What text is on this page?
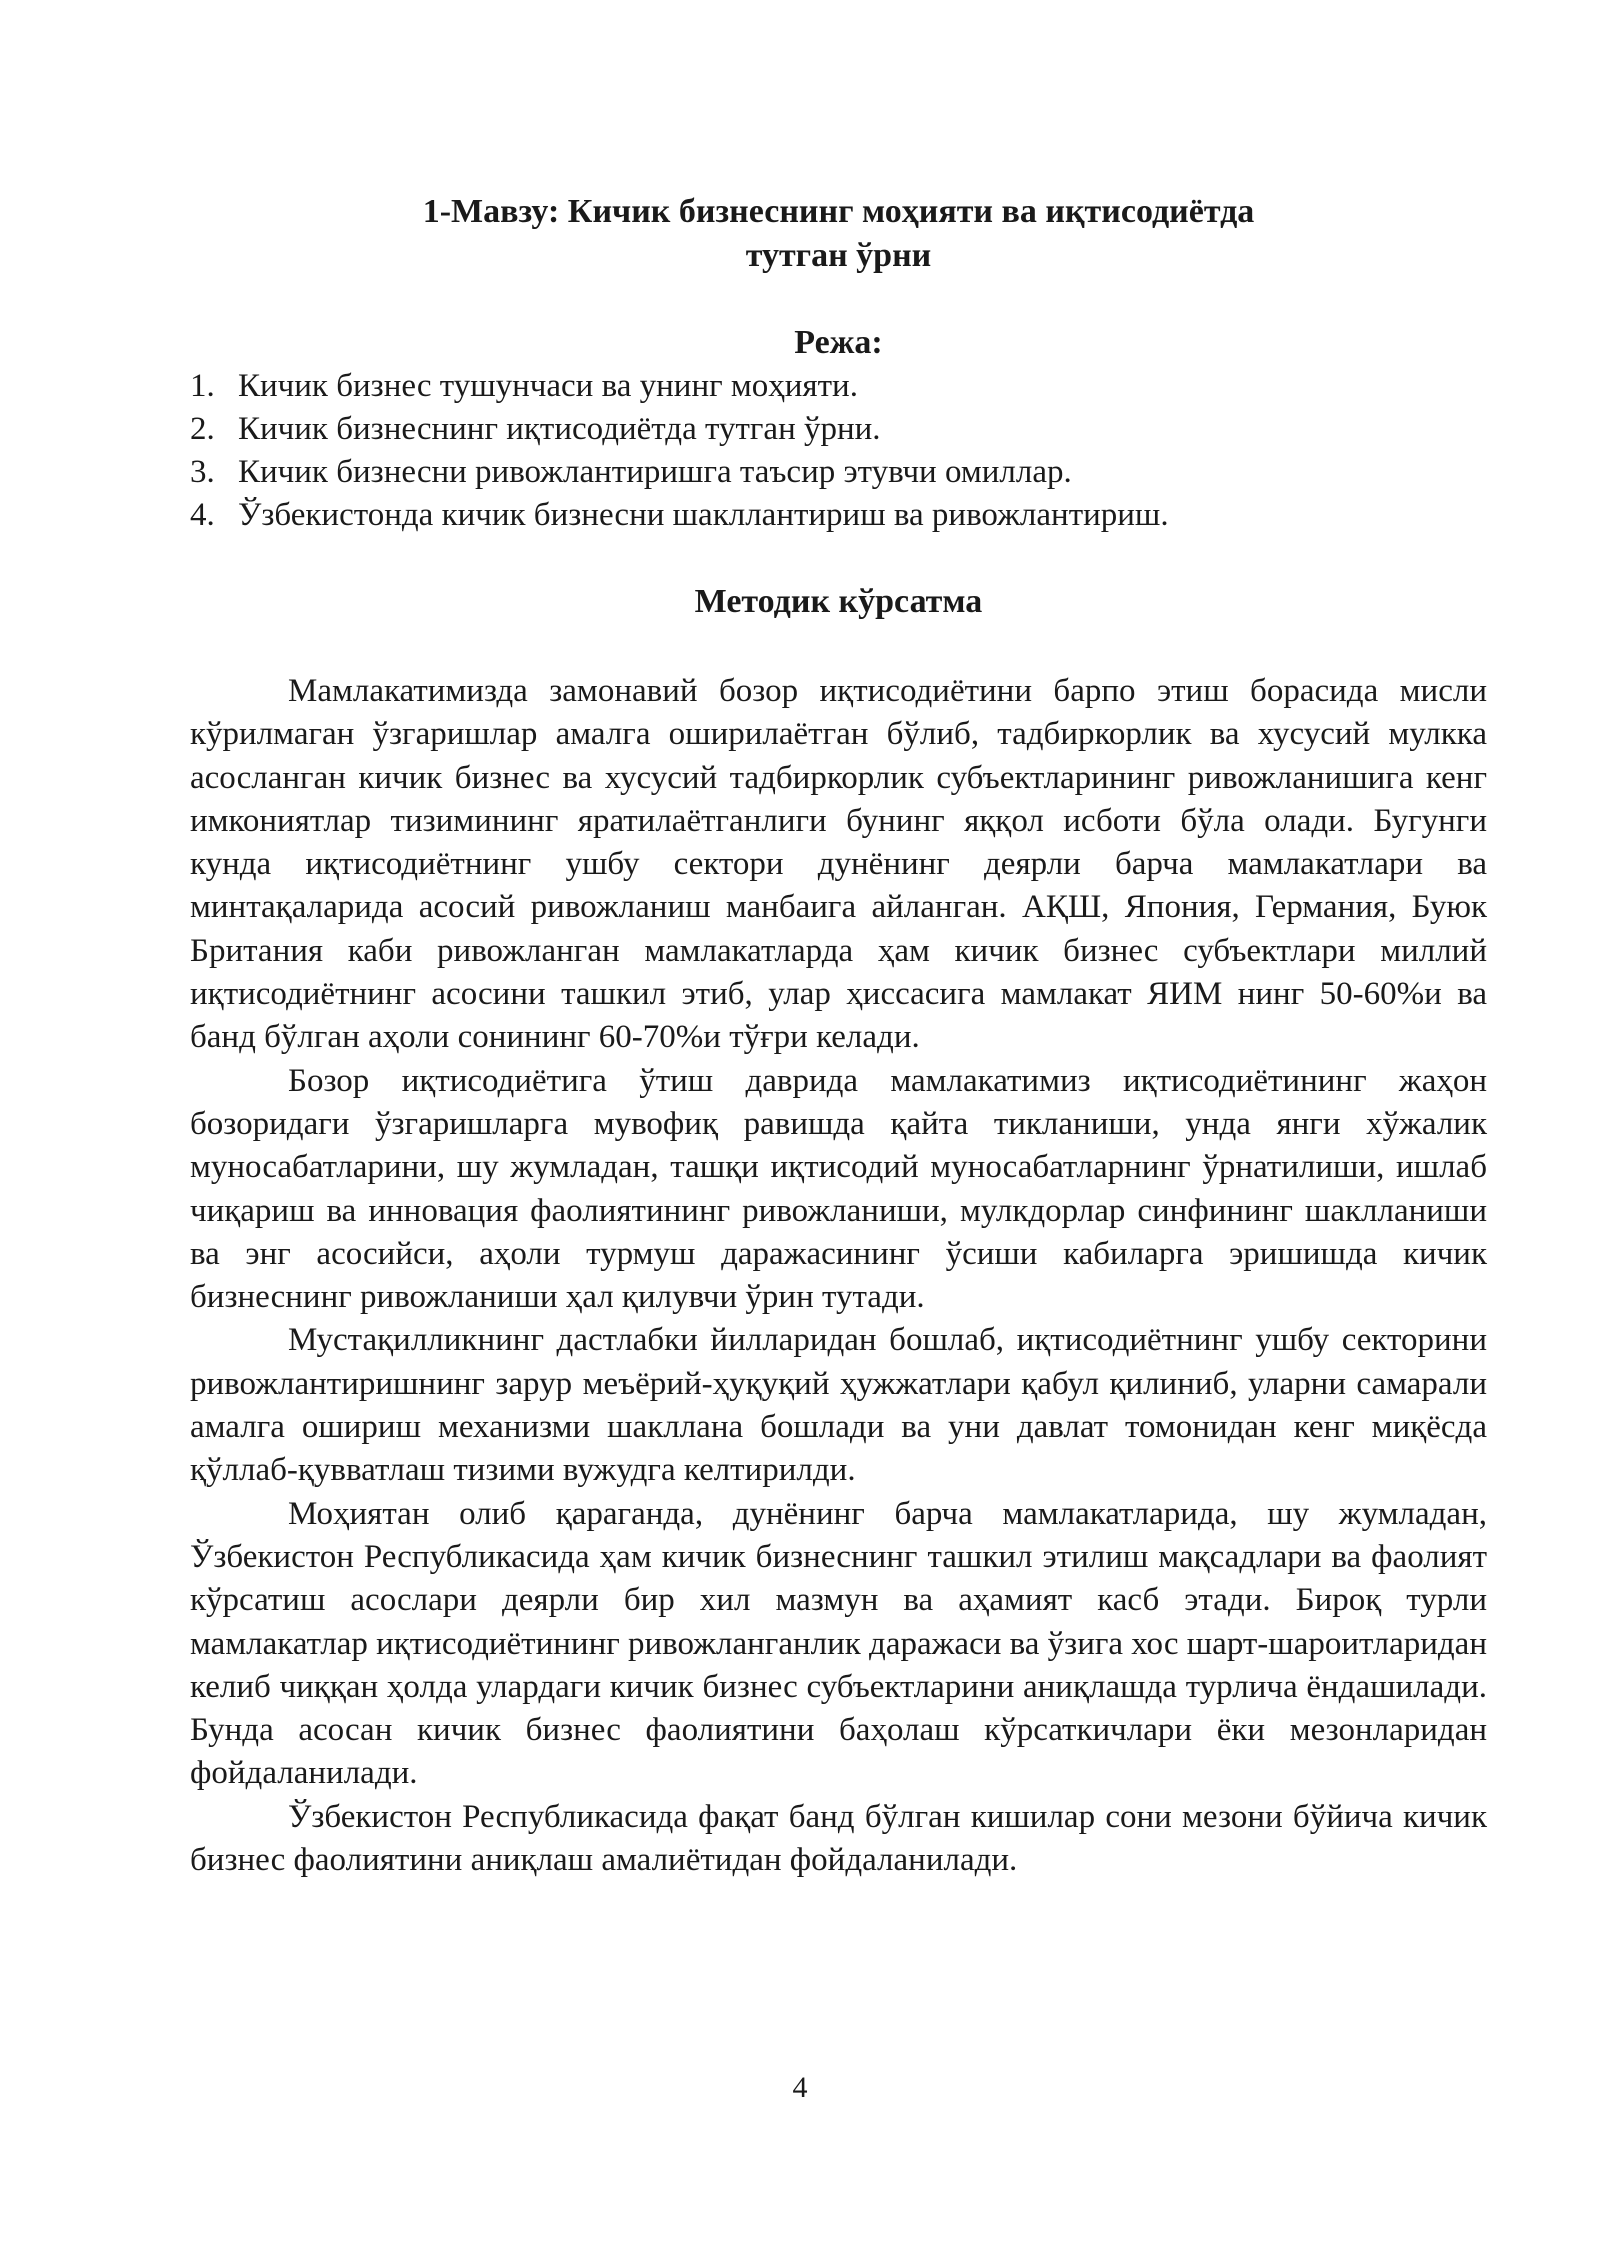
1-Мавзу: Кичик бизнеснинг моҳияти ва иқтисодиётда
тутган ўрни
Режа:
1. Кичик бизнес тушунчаси ва унинг моҳияти.
2. Кичик бизнеснинг иқтисодиётда тутган ўрни.
3. Кичик бизнесни ривожлантиришга таъсир этувчи омиллар.
4. Ўзбекистонда кичик бизнесни шакллантириш ва ривожлантириш.
Методик кўрсатма

Мамлакатимизда замонавий бозор иқтисодиётини барпо этиш борасида мисли кўрилмаган ўзгаришлар амалга оширилаётган бўлиб, тадбиркорлик ва хусусий мулкка асосланган кичик бизнес ва хусусий тадбиркорлик субъектларининг ривожланишига кенг имкониятлар тизимининг яратилаётганлиги бунинг яққол исботи бўла олади. Бугунги кунда иқтисодиётнинг ушбу сектори дунёнинг деярли барча мамлакатлари ва минтақаларида асосий ривожланиш манбаига айланган. АҚШ, Япония, Германия, Буюк Британия каби ривожланган мамлакатларда ҳам кичик бизнес субъектлари миллий иқтисодиётнинг асосини ташкил этиб, улар ҳиссасига мамлакат ЯИМ нинг 50-60%и ва банд бўлган аҳоли сонининг 60-70%и тўғри келади.

Бозор иқтисодиётига ўтиш даврида мамлакатимиз иқтисодиётининг жаҳон бозоридаги ўзгаришларга мувофиқ равишда қайта тикланиши, унда янги хўжалик муносабатларини, шу жумладан, ташқи иқтисодий муносабатларнинг ўрнатилиши, ишлаб чиқариш ва инновация фаолиятининг ривожланиши, мулкдорлар синфининг шаклланиши ва энг асосийси, аҳоли турмуш даражасининг ўсиши кабиларга эришишда кичик бизнеснинг ривожланиши ҳал қилувчи ўрин тутади.

Мустақилликнинг дастлабки йилларидан бошлаб, иқтисодиётнинг ушбу секторини ривожлантиришнинг зарур меъёрий-ҳуқуқий ҳужжатлари қабул қилиниб, уларни самарали амалга ошириш механизми шакллана бошлади ва уни давлат томонидан кенг миқёсда қўллаб-қувватлаш тизими вужудга келтирилди.

Моҳиятан олиб қараганда, дунёнинг барча мамлакатларида, шу жумладан, Ўзбекистон Республикасида ҳам кичик бизнеснинг ташкил этилиш мақсадлари ва фаолият кўрсатиш асослари деярли бир хил мазмун ва аҳамият касб этади. Бироқ турли мамлакатлар иқтисодиётининг ривожланганлик даражаси ва ўзига хос шарт-шароитларидан келиб чиққан ҳолда улардаги кичик бизнес субъектларини аниқлашда турлича ёндашилади. Бунда асосан кичик бизнес фаолиятини баҳолаш кўрсаткичлари ёки мезонларидан фойдаланилади.

Ўзбекистон Республикасида фақат банд бўлган кишилар сони мезони бўйича кичик бизнес фаолиятини аниқлаш амалиётидан фойдаланилади.

4
